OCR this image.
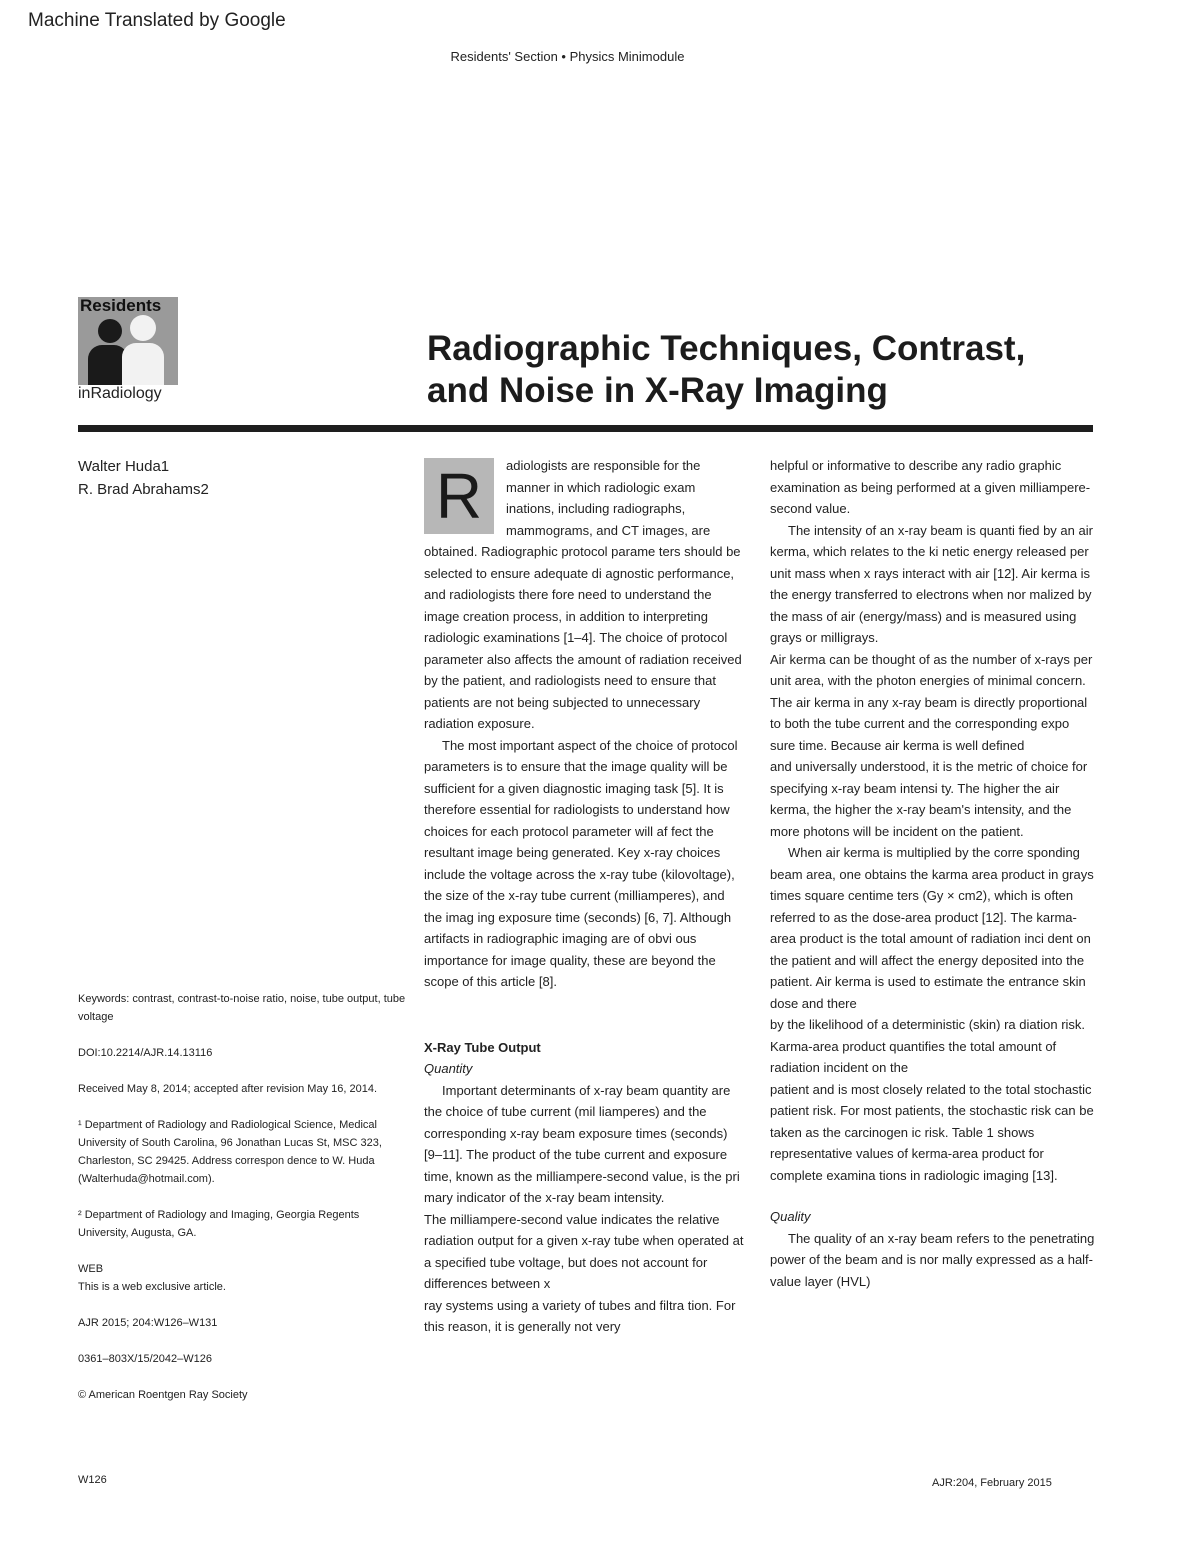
Machine Translated by Google
Residents' Section • Physics Minimodule
Residents
inRadiology
Radiographic Techniques, Contrast,
and Noise in X-Ray Imaging
Walter Huda1
R. Brad Abrahams2

Keywords: contrast, contrast-to-noise ratio, noise, tube output, tube voltage

DOI:10.2214/AJR.14.13116

Received May 8, 2014; accepted after revision May 16, 2014.

¹ Department of Radiology and Radiological Science, Medical University of South Carolina, 96 Jonathan Lucas St, MSC 323, Charleston, SC 29425. Address correspon dence to W. Huda (Walterhuda@hotmail.com).

² Department of Radiology and Imaging, Georgia Regents University, Augusta, GA.

WEB

This is a web exclusive article.

AJR 2015; 204:W126–W131

0361–803X/15/2042–W126

© American Roentgen Ray Society

R	adiologists are responsible for the manner in which radiologic exam inations, including radiographs, mammograms, and CT images, are obtained. Radiographic protocol parame ters should be selected to ensure adequate di agnostic performance, and radiologists there fore need to understand the image creation process, in addition to interpreting radiologic examinations [1–4]. The choice of protocol parameter also affects the amount of radiation received by the patient, and radiologists need to ensure that patients are not being subjected to unnecessary radiation exposure.

The most important aspect of the choice of protocol parameters is to ensure that the image quality will be sufficient for a given diagnostic imaging task [5]. It is therefore essential for radiologists to understand how choices for each protocol parameter will af fect the resultant image being generated. Key x-ray choices include the voltage across the x-ray tube (kilovoltage), the size of the x-ray tube current (milliamperes), and the imag ing exposure time (seconds) [6, 7]. Although artifacts in radiographic imaging are of obvi ous importance for image quality, these are beyond the scope of this article [8].

X-Ray Tube Output

Quantity

Important determinants of x-ray beam quantity are the choice of tube current (mil liamperes) and the corresponding x-ray beam exposure times (seconds) [9–11]. The product of the tube current and exposure time, known as the milliampere-second value, is the pri mary indicator of the x-ray beam intensity.

The milliampere-second value indicates the relative radiation output for a given x-ray tube when operated at a specified tube voltage, but does not account for differences between x

ray systems using a variety of tubes and filtra tion. For this reason, it is generally not very

helpful or informative to describe any radio graphic examination as being performed at a given milliampere-second value.

The intensity of an x-ray beam is quanti fied by an air kerma, which relates to the ki netic energy released per unit mass when x rays interact with air [12]. Air kerma is the energy transferred to electrons when nor malized by the mass of air (energy/mass) and is measured using grays or milligrays.

Air kerma can be thought of as the number of x-rays per unit area, with the photon energies of minimal concern. The air kerma in any x-ray beam is directly proportional to both the tube current and the corresponding expo sure time. Because air kerma is well defined

and universally understood, it is the metric of choice for specifying x-ray beam intensi ty. The higher the air kerma, the higher the x-ray beam's intensity, and the more photons will be incident on the patient.

When air kerma is multiplied by the corre sponding beam area, one obtains the karma area product in grays times square centime ters (Gy × cm2), which is often referred to as the dose-area product [12]. The karma-area product is the total amount of radiation inci dent on the patient and will affect the energy deposited into the patient. Air kerma is used to estimate the entrance skin dose and there

by the likelihood of a deterministic (skin) ra diation risk. Karma-area product quantifies the total amount of radiation incident on the

patient and is most closely related to the total stochastic patient risk. For most patients, the stochastic risk can be taken as the carcinogen ic risk. Table 1 shows representative values of kerma-area product for complete examina tions in radiologic imaging [13].

Quality

The quality of an x-ray beam refers to the penetrating power of the beam and is nor mally expressed as a half-value layer (HVL)

W126	AJR:204, February 2015
